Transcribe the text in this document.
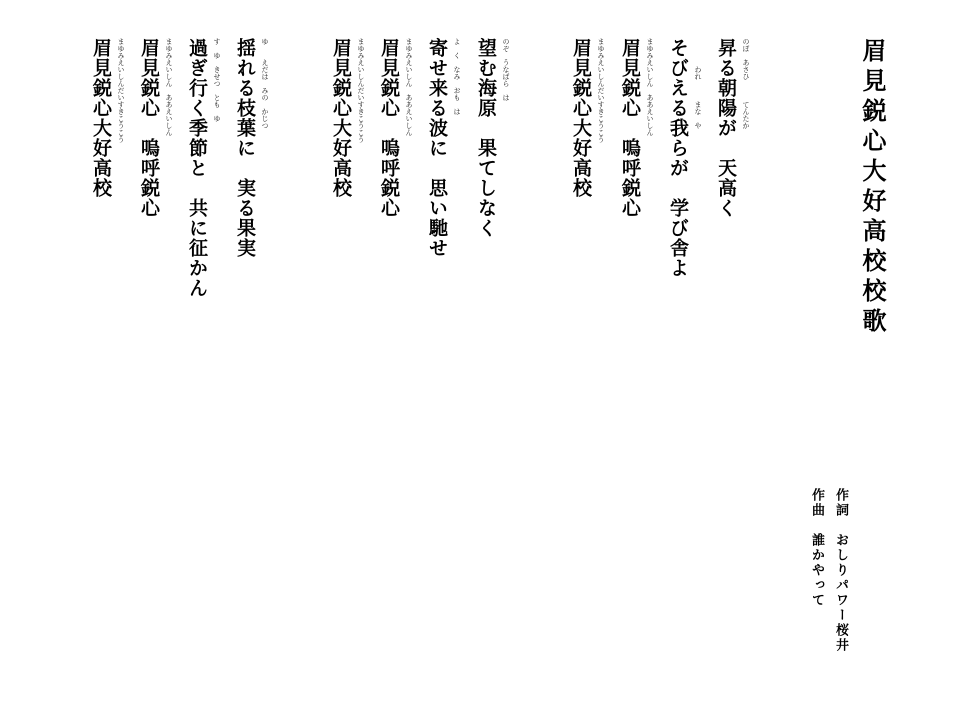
眉見鋭心大好高校校歌
のぼ　あさひ　　　てんたか
昇る朝陽が　天高く
　　　　われ　　　まな　や
そびえる我らが　学び舎よ
まゆみえいしん　ああえいしん
眉見鋭心　嗚呼鋭心
まゆみえいしんだいすきこうこう
眉見鋭心大好高校
のぞ　うなばら　は
望む海原　果てしなく
よ　く　なみ　おも　は
寄せ来る波に　思い馳せ
まゆみえいしん　ああえいしん
眉見鋭心　嗚呼鋭心
まゆみえいしんだいすきこうこう
眉見鋭心大好高校
ゆ　　えだは　みの　かじつ
揺れる枝葉に　実る果実
す　ゆ　きせつ　とも　ゆ
過ぎ行く季節と　共に征かん
まゆみえいしん　ああえいしん
眉見鋭心　嗚呼鋭心
まゆみえいしんだいすきこうこう
眉見鋭心大好高校
作詞　おしりパワー桜井
作曲　誰かやって
